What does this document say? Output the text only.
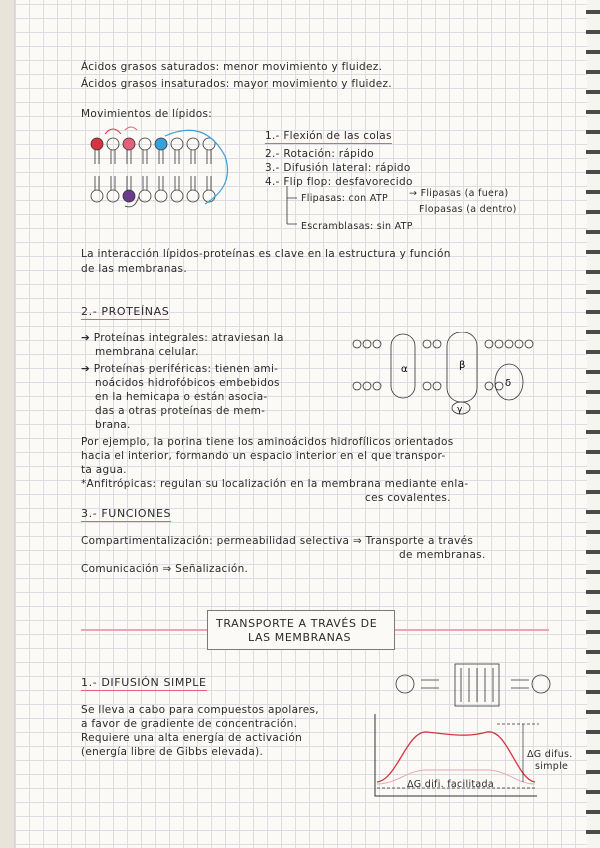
Ácidos grasos saturados: menor movimiento y fluidez.
Ácidos grasos insaturados: mayor movimiento y fluidez.
Movimientos de lípidos:
1.- Flexión de las colas
2.- Rotación: rápido
3.- Difusión lateral: rápido
4.- Flip flop: desfavorecido
Flipasas: con ATP → Flipasas (a fuera)
Flopasas (a dentro)
Escramblasas: sin ATP
La interacción lípidos-proteínas es clave en la estructura y función
de las membranas.
2.- PROTEÍNAS
➔ Proteínas integrales: atraviesan la
membrana celular.
➔ Proteínas periféricas: tienen ami-
noácidos hidrofóbicos embebidos
en la hemicapa o están asocia-
das a otras proteínas de mem-
brana.
α	β
γ
δ
Por ejemplo, la porina tiene los aminoácidos hidrofílicos orientados
hacia el interior, formando un espacio interior en el que transpor-
ta agua.
*Anfitrópicas: regulan su localización en la membrana mediante enla-
ces covalentes.
3.- FUNCIONES
Compartimentalización: permeabilidad selectiva ⇒ Transporte a través
de membranas.
Comunicación ⇒ Señalización.
TRANSPORTE A TRAVÉS DE
LAS MEMBRANAS
1.- DIFUSIÓN SIMPLE
Se lleva a cabo para compuestos apolares,
a favor de gradiente de concentración.
Requiere una alta energía de activación
(energía libre de Gibbs elevada).	ΔG difus.
simple
ΔG difi. facilitada
